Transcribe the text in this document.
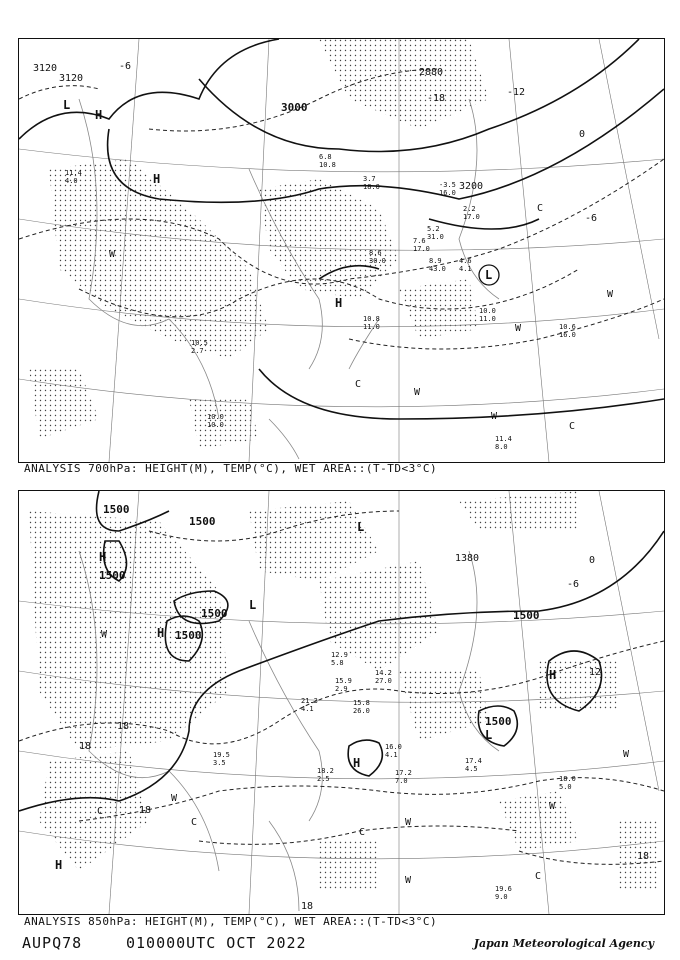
3120
3120
3000
3200
2880
H
H
H
L
L
C
C
C
W
W
W
W
W
-18
-12
0
-6
-6
11.4
4.0
10.5
2.7
10.6
16.0
11.4
8.0
10.0
11.0
10.8
11.0
10.0
10.0
5.2
31.0
8.6
30.0
7.6
17.0
8.9
43.0
4.6
4.1
2.2
17.0
-3.5
16.0
3.7
18.0
6.8
10.8
ANALYSIS 700hPa: HEIGHT(M), TEMP(°C), WET AREA::(T-TD<3°C)
1500
1500
1500
1500
1500
1500
1500
1380
H
H
H
H
H
L
L
L
C
C
C
C
W
W
W
W
W
W
18
18
18
18
18
-6
0
12
17.4
4.5
18.0
5.0
19.6
9.0
15.8
26.0
14.2
27.0
16.0
4.1
17.2
7.0
18.2
2.5
19.5
3.5
21.3
4.1
15.9
2.9
12.9
5.8
ANALYSIS 850hPa: HEIGHT(M), TEMP(°C), WET AREA::(T-TD<3°C)
AUPQ78	010000UTC OCT 2022	Japan Meteorological Agency
